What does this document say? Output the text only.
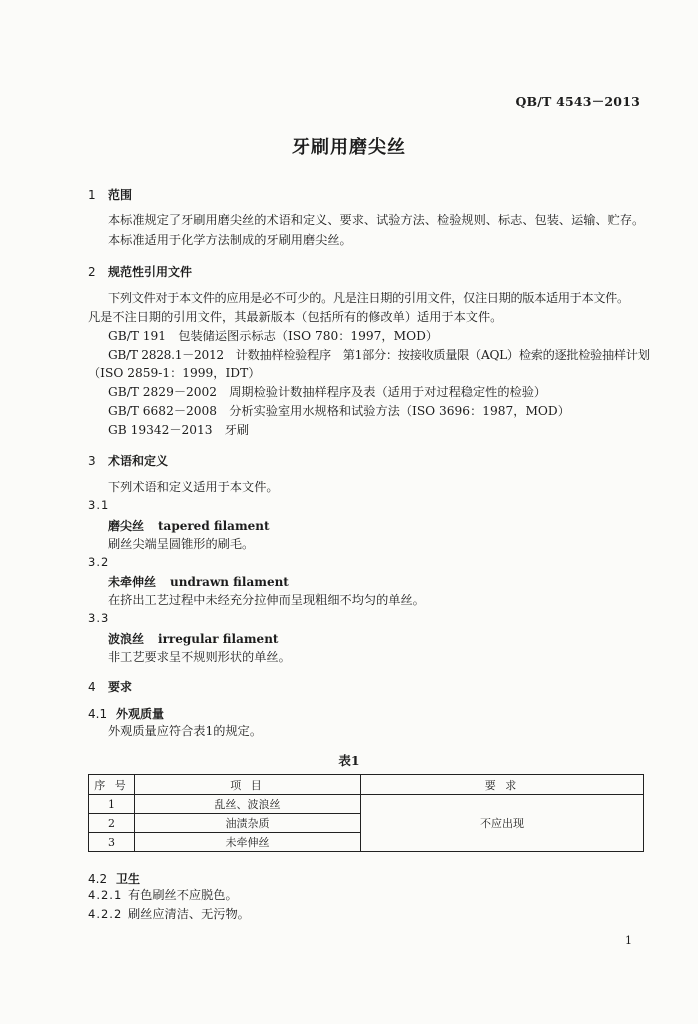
QB/T 4543－2013
牙刷用磨尖丝
1 范围
本标准规定了牙刷用磨尖丝的术语和定义、要求、试验方法、检验规则、标志、包装、运输、贮存。
本标准适用于化学方法制成的牙刷用磨尖丝。
2 规范性引用文件
下列文件对于本文件的应用是必不可少的。凡是注日期的引用文件，仅注日期的版本适用于本文件。
凡是不注日期的引用文件，其最新版本（包括所有的修改单）适用于本文件。
GB/T 191　包装储运图示标志（ISO 780：1997，MOD）
GB/T 2828.1－2012　计数抽样检验程序　第1部分：按接收质量限（AQL）检索的逐批检验抽样计划
（ISO 2859-1：1999，IDT）
GB/T 2829－2002　周期检验计数抽样程序及表（适用于对过程稳定性的检验）
GB/T 6682－2008　分析实验室用水规格和试验方法（ISO 3696：1987，MOD）
GB 19342－2013　牙刷
3 术语和定义
下列术语和定义适用于本文件。
3.1
磨尖丝 tapered filament
刷丝尖端呈圆锥形的刷毛。
3.2
未牵伸丝 undrawn filament
在挤出工艺过程中未经充分拉伸而呈现粗细不均匀的单丝。
3.3
波浪丝 irregular filament
非工艺要求呈不规则形状的单丝。
4 要求
4.1 外观质量
外观质量应符合表1的规定。
表1
序 号	项 目	要 求
1	乱丝、波浪丝	不应出现
2	油渍杂质	
3	未牵伸丝	
4.2 卫生
4.2.1 有色刷丝不应脱色。
4.2.2 刷丝应清洁、无污物。
1
